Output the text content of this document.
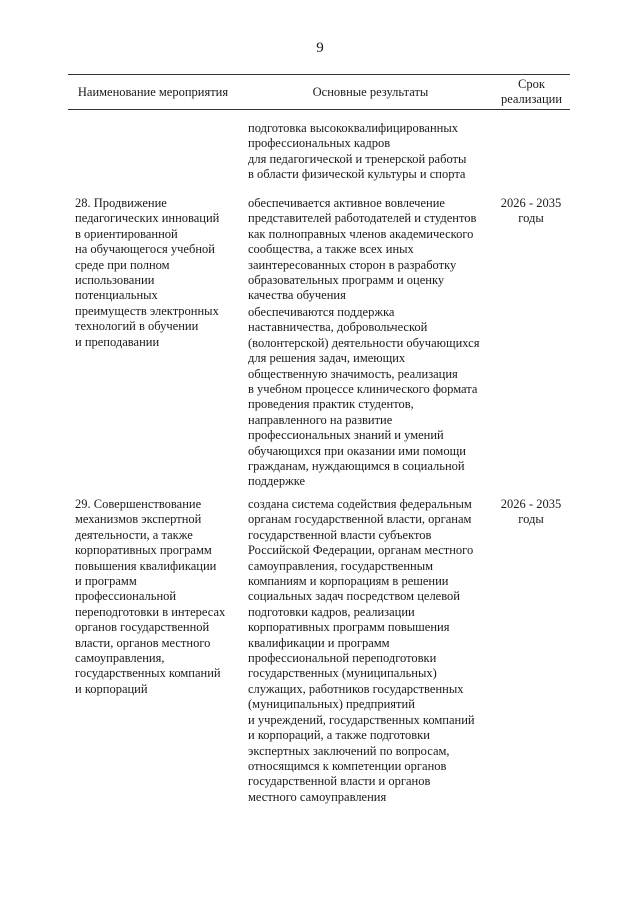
9
Наименование мероприятия	Основные результаты
Срок
реализации

подготовка высококвалифицированных
профессиональных кадров
для педагогической и тренерской работы
в области физической культуры и спорта

28. Продвижение
педагогических инноваций
в ориентированной
на обучающегося учебной
среде при полном
использовании
потенциальных
преимуществ электронных
технологий в обучении
и преподавании

обеспечивается активное вовлечение
представителей работодателей и студентов
как полноправных членов академического
сообщества, а также всех иных
заинтересованных сторон в разработку
образовательных программ и оценку
качества обучения

обеспечиваются поддержка
наставничества, добровольческой
(волонтерской) деятельности обучающихся
для решения задач, имеющих
общественную значимость, реализация
в учебном процессе клинического формата
проведения практик студентов,
направленного на развитие
профессиональных знаний и умений
обучающихся при оказании ими помощи
гражданам, нуждающимся в социальной
поддержке

2026 - 2035
годы

29. Совершенствование
механизмов экспертной
деятельности, а также
корпоративных программ
повышения квалификации
и программ
профессиональной
переподготовки в интересах
органов государственной
власти, органов местного
самоуправления,
государственных компаний
и корпораций

создана система содействия федеральным
органам государственной власти, органам
государственной власти субъектов
Российской Федерации, органам местного
самоуправления, государственным
компаниям и корпорациям в решении
социальных задач посредством целевой
подготовки кадров, реализации
корпоративных программ повышения
квалификации и программ
профессиональной переподготовки
государственных (муниципальных)
служащих, работников государственных
(муниципальных) предприятий
и учреждений, государственных компаний
и корпораций, а также подготовки
экспертных заключений по вопросам,
относящимся к компетенции органов
государственной власти и органов
местного самоуправления

2026 - 2035
годы
